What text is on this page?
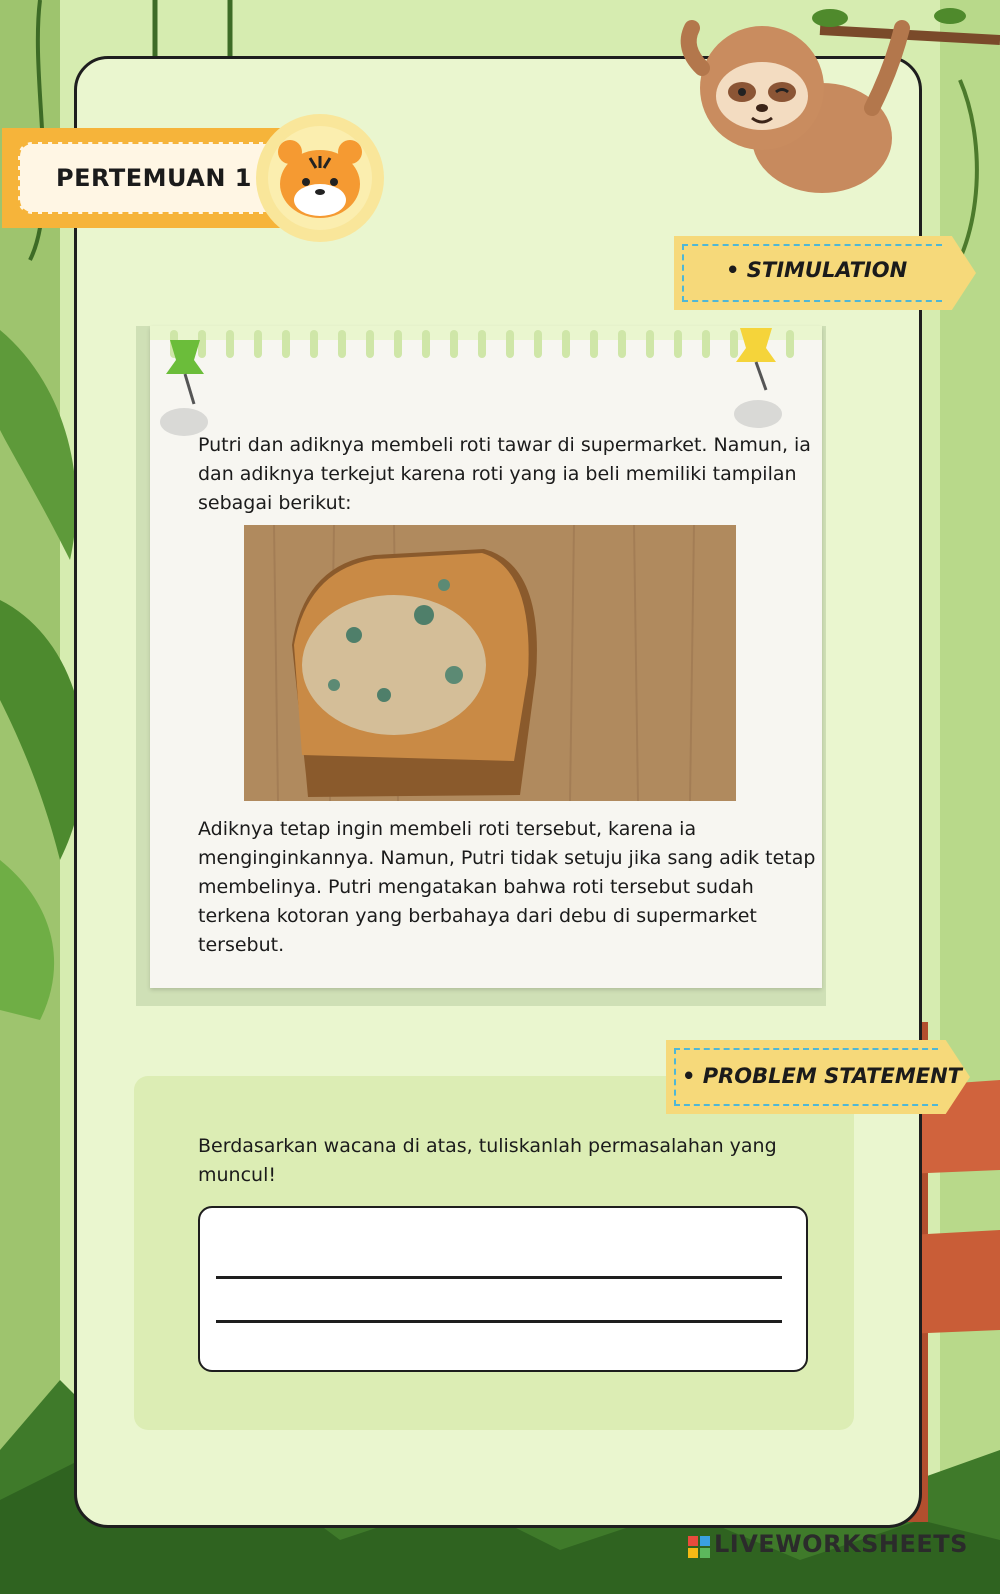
PERTEMUAN 1
• STIMULATION
Putri dan adiknya membeli roti tawar di supermarket. Namun, ia dan adiknya terkejut karena roti yang ia beli memiliki tampilan sebagai berikut:
Adiknya tetap ingin membeli roti tersebut, karena ia menginginkannya. Namun, Putri tidak setuju jika sang adik tetap membelinya. Putri mengatakan bahwa roti tersebut sudah terkena kotoran yang berbahaya dari debu di supermarket tersebut.
• PROBLEM STATEMENT
Berdasarkan wacana di atas, tuliskanlah permasalahan yang muncul!
LIVEWORKSHEETS
